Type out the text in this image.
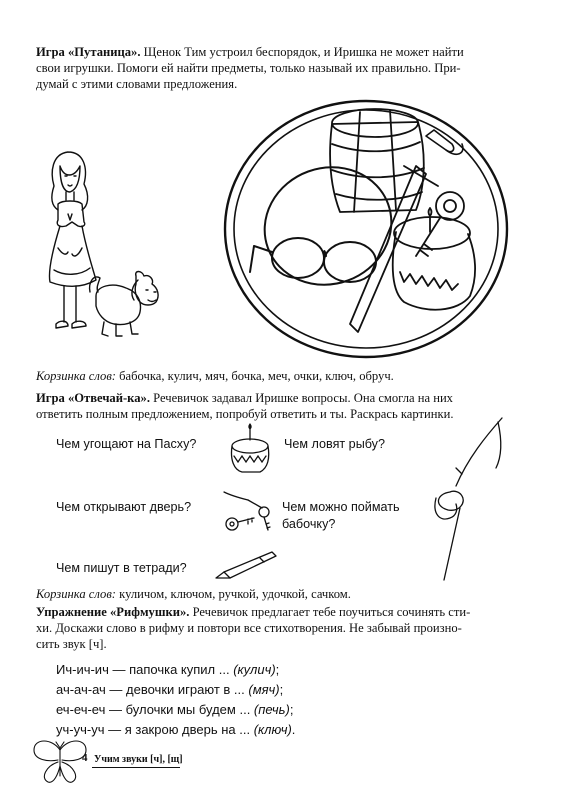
Игра «Путаница». Щенок Тим устроил беспорядок, и Иришка не может найти
свои игрушки. Помоги ей найти предметы, только называй их правильно. При-
думай с этими словами предложения.
Корзинка слов: бабочка, кулич, мяч, бочка, меч, очки, ключ, обруч.
Игра «Отвечай-ка». Речевичок задавал Иришке вопросы. Она смогла на них
ответить полным предложением, попробуй ответить и ты. Раскрась картинки.
Чем угощают на Пасху?	Чем ловят рыбу?
Чем открывают дверь?	Чем можно поймать
бабочку?
Чем пишут в тетради?
Корзинка слов: куличом, ключом, ручкой, удочкой, сачком.
Упражнение «Рифмушки». Речевичок предлагает тебе поучиться сочинять сти-
хи. Доскажи слово в рифму и повтори все стихотворения. Не забывай произно-
сить звук [ч].
Ич-ич-ич — папочка купил ... (кулич);
ач-ач-ач — девочки играют в ... (мяч);
еч-еч-еч — булочки мы будем ... (печь);
уч-уч-уч — я закрою дверь на ... (ключ).
4 Учим звуки [ч], [щ]
